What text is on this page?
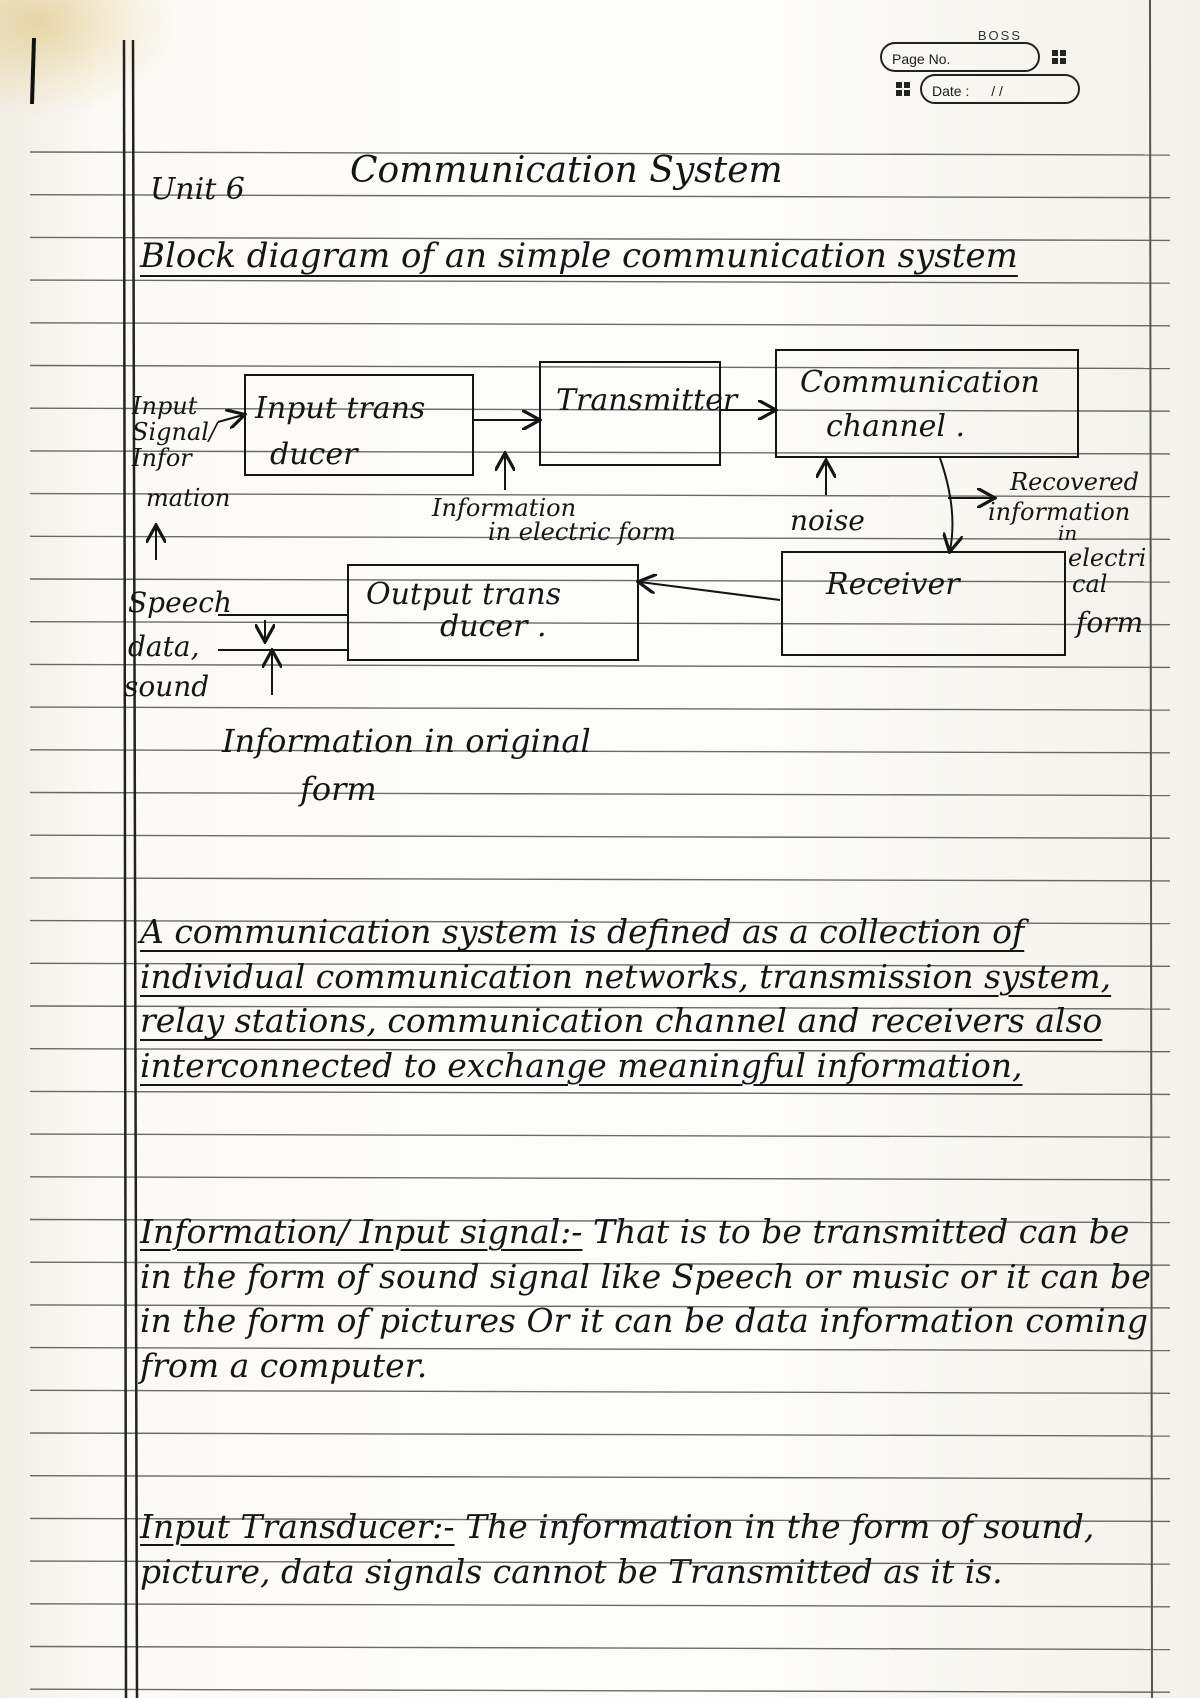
BOSS
Page No.
Date : / /
Unit 6	Communication System
Block diagram of an simple communication system
Input trans
ducer
Transmitter
Communication
channel .
Receiver
Output trans
ducer .
Input
Signal/
Infor
mation	Information
in electric form	noise
Recovered
information
in
electri
cal
form
Speech
data,
sound
Information in original
form
A communication system is defined as a collection of individual communication networks, transmission system, relay stations, communication channel and receivers also interconnected to exchange meaningful information,
Information/ Input signal:- That is to be transmitted can be in the form of sound signal like Speech or music or it can be in the form of pictures Or it can be data information coming from a computer.
Input Transducer:- The information in the form of sound, picture, data signals cannot be Transmitted as it is.
